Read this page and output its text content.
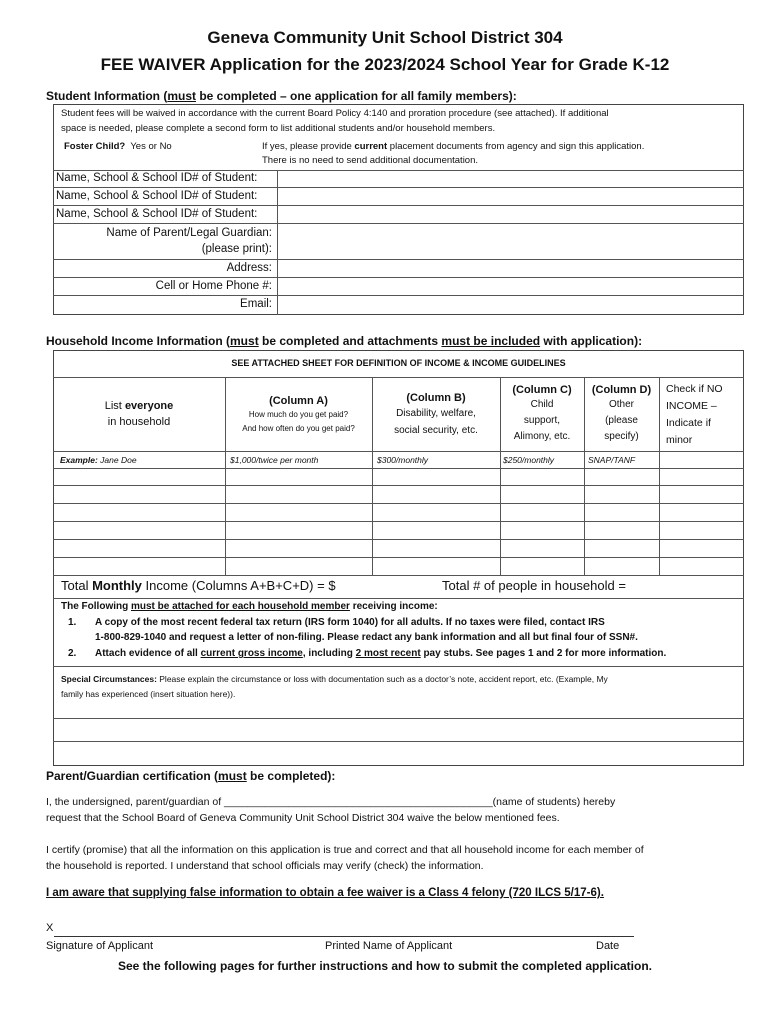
Geneva Community Unit School District 304
FEE WAIVER Application for the 2023/2024 School Year for Grade K-12
Student Information (must be completed – one application for all family members):
Student fees will be waived in accordance with the current Board Policy 4:140 and proration procedure (see attached). If additional
space is needed, please complete a second form to list additional students and/or household members.
Foster Child? Yes or No	If yes, please provide current placement documents from agency and sign this application.
There is no need to send additional documentation.
Name, School & School ID# of Student:
Name, School & School ID# of Student:
Name, School & School ID# of Student:
Name of Parent/Legal Guardian:
(please print):
Address:
Cell or Home Phone #:
Email:
Household Income Information (must be completed and attachments must be included with application):
SEE ATTACHED SHEET FOR DEFINITION OF INCOME & INCOME GUIDELINES
List everyone
in household
(Column A)
How much do you get paid?
And how often do you get paid?
(Column B)
Disability, welfare,
social security, etc.
(Column C)
Child
support,
Alimony, etc.
(Column D)
Other
(please
specify)
Check if NO
INCOME –
Indicate if
minor
Example: Jane Doe	$1,000/twice per month	$300/monthly	$250/monthly	SNAP/TANF
Total Monthly Income (Columns A+B+C+D) = $	Total # of people in household =
The Following must be attached for each household member receiving income:
1. A copy of the most recent federal tax return (IRS form 1040) for all adults. If no taxes were filed, contact IRS
1-800-829-1040 and request a letter of non-filing. Please redact any bank information and all but final four of SSN#.
2. Attach evidence of all current gross income, including 2 most recent pay stubs. See pages 1 and 2 for more information.
Special Circumstances: Please explain the circumstance or loss with documentation such as a doctor’s note, accident report, etc. (Example, My
family has experienced (insert situation here)).
Parent/Guardian certification (must be completed):
I, the undersigned, parent/guardian of ______________________________________________(name of students) hereby
request that the School Board of Geneva Community Unit School District 304 waive the below mentioned fees.
I certify (promise) that all the information on this application is true and correct and that all household income for each member of
the household is reported. I understand that school officials may verify (check) the information.
I am aware that supplying false information to obtain a fee waiver is a Class 4 felony (720 ILCS 5/17-6).
X
Signature of Applicant	Printed Name of Applicant	Date
See the following pages for further instructions and how to submit the completed application.
